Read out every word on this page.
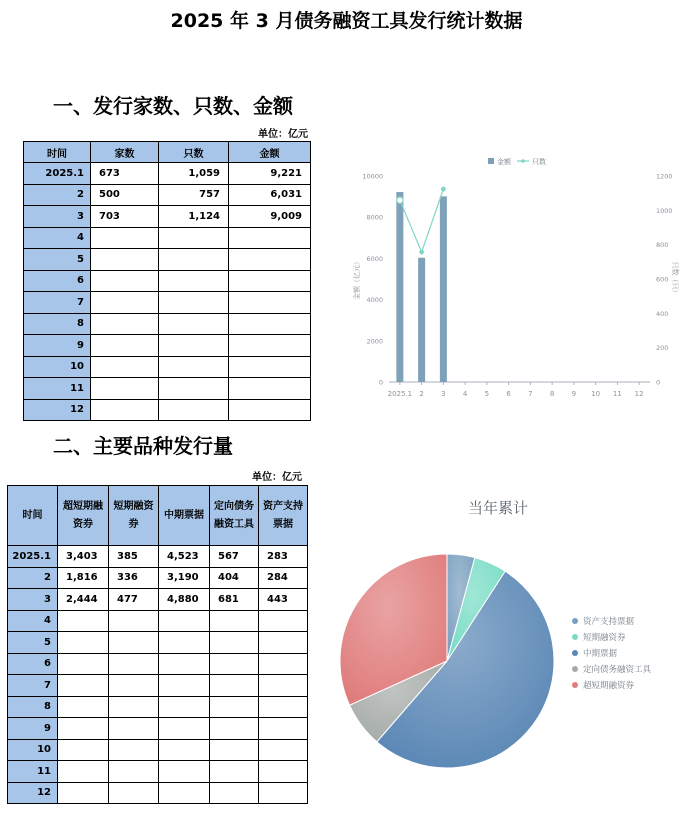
2025 年 3 月债务融资工具发行统计数据
一、发行家数、只数、金额
单位：亿元
时间	家数	只数	金额
2025.1	673	1,059	9,221
2	500	757	6,031
3	703	1,124	9,009
4			
5			
6			
7			
8			
9			
10			
11			
12			
二、主要品种发行量
单位：亿元
时间	超短期融资券	短期融资券	中期票据	定向债务融资工具	资产支持票据
2025.1	3,403	385	4,523	567	283
2	1,816	336	3,190	404	284
3	2,444	477	4,880	681	443
4					
5					
6					
7					
8					
9					
10					
11					
12					
2025.1 2 3 4 5 6 7 8 9 10 11 12
0
2000
4000
6000
8000
10000
0
200
400
600
800
1000
1200
金额（亿元）	只数（只）
金额	只数
当年累计
资产支持票据
短期融资券
中期票据
定向债务融资工具
超短期融资券
